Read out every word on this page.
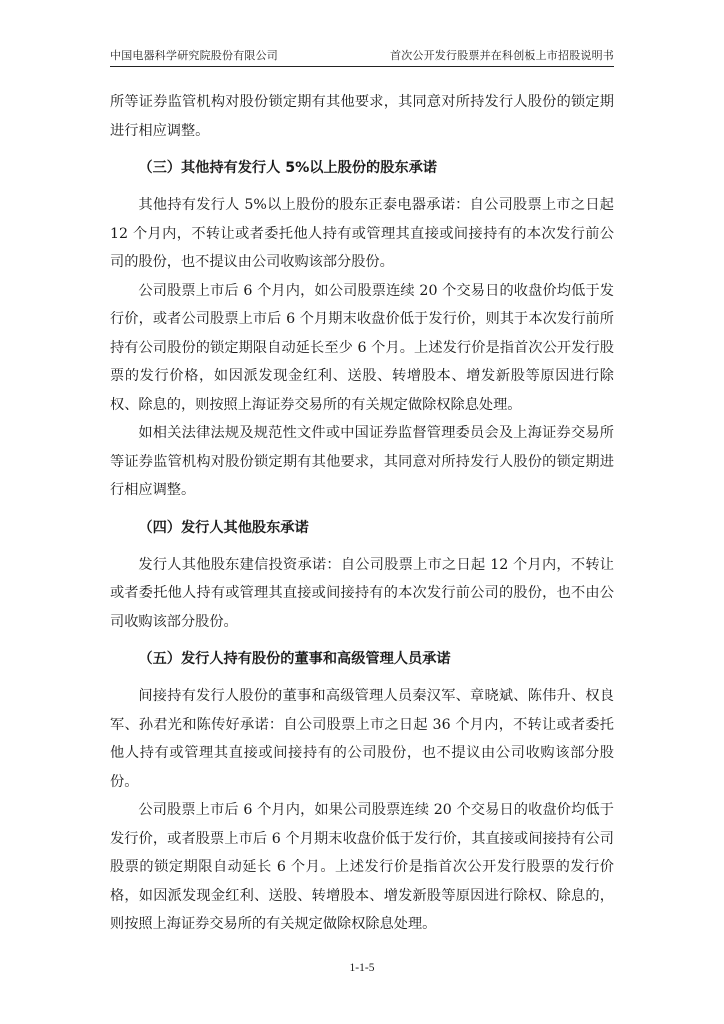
中国电器科学研究院股份有限公司	首次公开发行股票并在科创板上市招股说明书

所等证券监管机构对股份锁定期有其他要求，其同意对所持发行人股份的锁定期进行相应调整。

（三）其他持有发行人 5%以上股份的股东承诺

其他持有发行人 5%以上股份的股东正泰电器承诺：自公司股票上市之日起 12 个月内，不转让或者委托他人持有或管理其直接或间接持有的本次发行前公司的股份，也不提议由公司收购该部分股份。

公司股票上市后 6 个月内，如公司股票连续 20 个交易日的收盘价均低于发行价，或者公司股票上市后 6 个月期末收盘价低于发行价，则其于本次发行前所持有公司股份的锁定期限自动延长至少 6 个月。上述发行价是指首次公开发行股票的发行价格，如因派发现金红利、送股、转增股本、增发新股等原因进行除权、除息的，则按照上海证券交易所的有关规定做除权除息处理。

如相关法律法规及规范性文件或中国证券监督管理委员会及上海证券交易所等证券监管机构对股份锁定期有其他要求，其同意对所持发行人股份的锁定期进行相应调整。

（四）发行人其他股东承诺

发行人其他股东建信投资承诺：自公司股票上市之日起 12 个月内，不转让或者委托他人持有或管理其直接或间接持有的本次发行前公司的股份，也不由公司收购该部分股份。

（五）发行人持有股份的董事和高级管理人员承诺

间接持有发行人股份的董事和高级管理人员秦汉军、章晓斌、陈伟升、权良军、孙君光和陈传好承诺：自公司股票上市之日起 36 个月内，不转让或者委托他人持有或管理其直接或间接持有的公司股份，也不提议由公司收购该部分股份。

公司股票上市后 6 个月内，如果公司股票连续 20 个交易日的收盘价均低于发行价，或者股票上市后 6 个月期末收盘价低于发行价，其直接或间接持有公司股票的锁定期限自动延长 6 个月。上述发行价是指首次公开发行股票的发行价格，如因派发现金红利、送股、转增股本、增发新股等原因进行除权、除息的，则按照上海证券交易所的有关规定做除权除息处理。

1-1-5
